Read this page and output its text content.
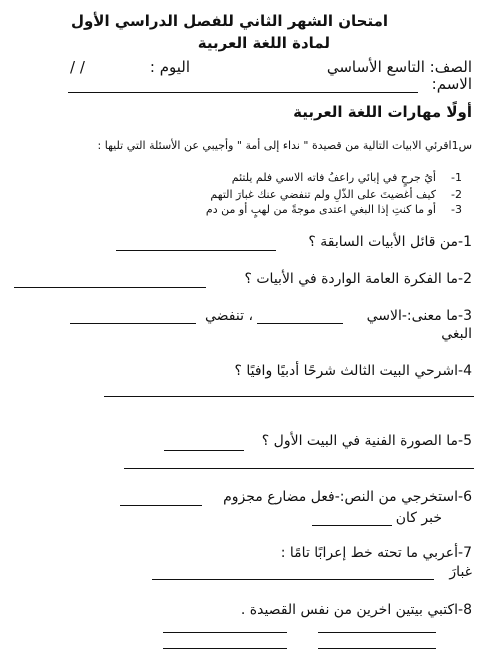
امتحان الشهر الثاني للفصل الدراسي الأول
لمادة اللغة العربية
الصف: التاسع الأساسي
اليوم :
/ /
الاسم:
أولًا مهارات اللغة العربية
س1اقرئي الابيات التالية من قصيدة " نداء إلى أمة " وأجيبي عن الأسئلة التي تليها :
1-
أيُ جرحٍ في إبائي راعفُ فاته الاسي فلم يلتئم
2-
كيف أغضيتَ على الذّلِ ولم تنفضي عنك غبارَ التهم
3-
أو ما كنتِ إذا البغي اعتدى موجةً من لهبٍ أو من دم
1-من قائل الأبيات السابقة ؟
2-ما الفكرة العامة الواردة في الأبيات ؟
3-ما معنى:-الاسي
، تنفضي
البغي
4-اشرحي البيت الثالث شرحًا أدبيًا وافيًا ؟
5-ما الصورة الفنية في البيت الأول ؟
6-استخرجي من النص:-فعل مضارع مجزوم
خبر كان
7-أعربي ما تحته خط إعرابًا تامًا :
غبارَ
8-اكتبي بيتين اخرين من نفس القصيدة .
